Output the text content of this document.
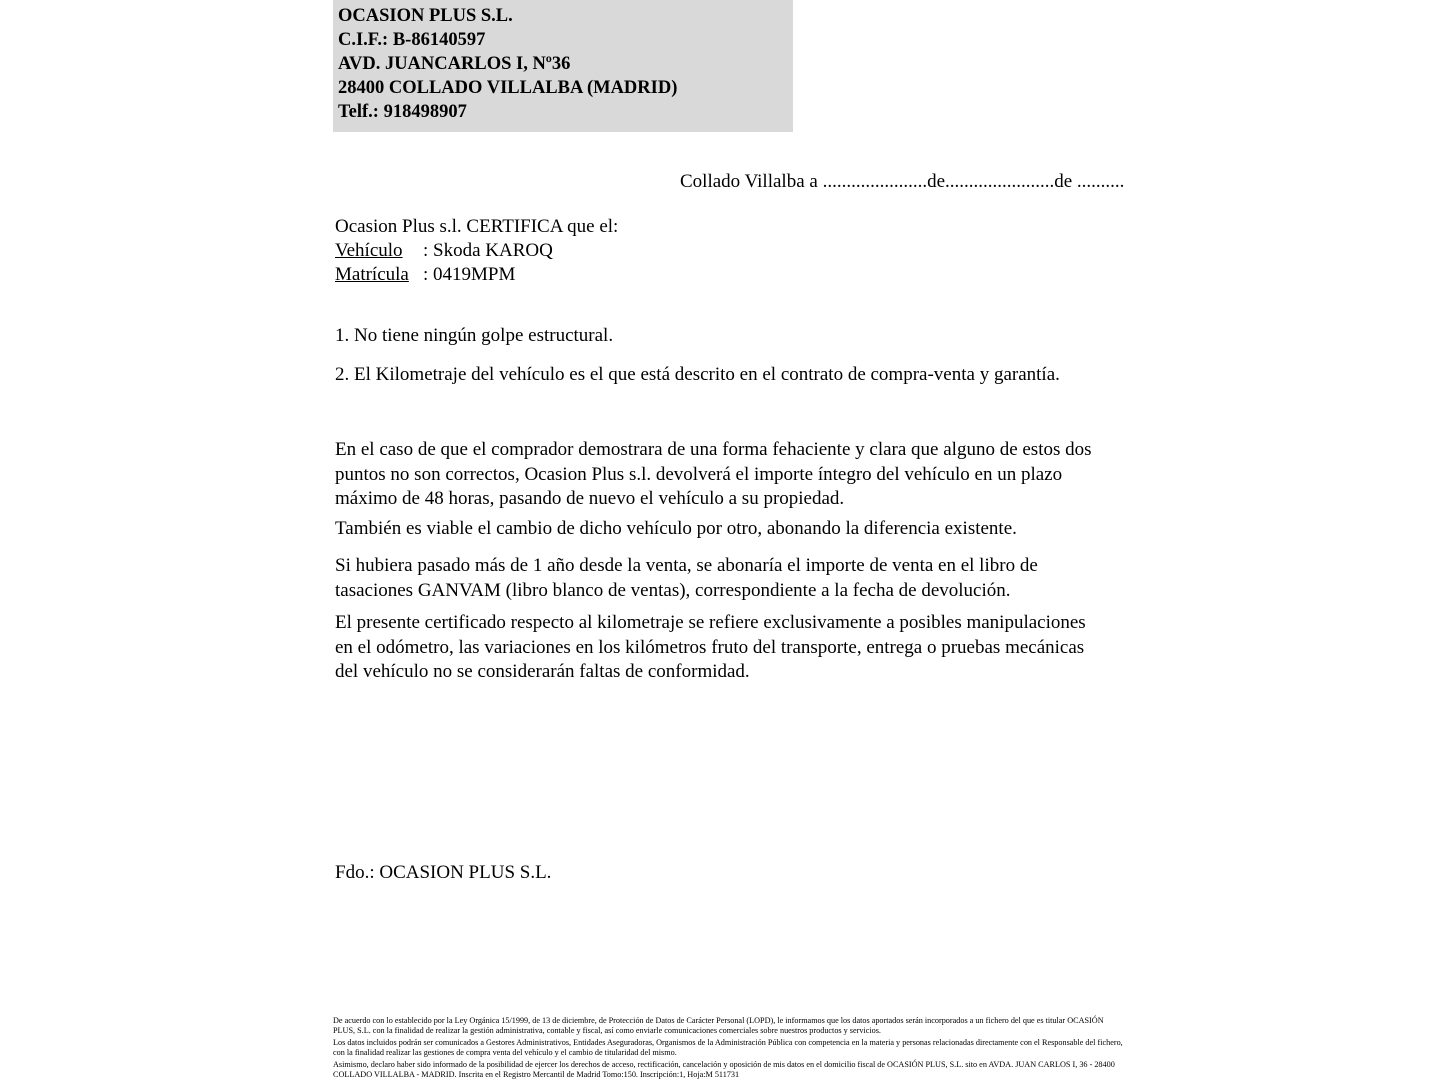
OCASION PLUS S.L.
C.I.F.: B-86140597
AVD. JUANCARLOS I, Nº36
28400 COLLADO VILLALBA (MADRID)
Telf.: 918498907
Collado Villalba a ......................de.......................de ..........
Ocasion Plus s.l. CERTIFICA que el:
Vehículo	: Skoda KAROQ
Matrícula : 0419MPM
1. No tiene ningún golpe estructural.
2. El Kilometraje del vehículo es el que está descrito en el contrato de compra-venta y garantía.
En el caso de que el comprador demostrara de una forma fehaciente y clara que alguno de estos dos puntos no son correctos, Ocasion Plus s.l. devolverá el importe íntegro del vehículo en un plazo máximo de 48 horas, pasando de nuevo el vehículo a su propiedad.
También es viable el cambio de dicho vehículo por otro, abonando la diferencia existente.
Si hubiera pasado más de 1 año desde la venta, se abonaría el importe de venta en el libro de tasaciones GANVAM (libro blanco de ventas), correspondiente a la fecha de devolución.
El presente certificado respecto al kilometraje se refiere exclusivamente a posibles manipulaciones en el odómetro, las variaciones en los kilómetros fruto del transporte, entrega o pruebas mecánicas del vehículo no se considerarán faltas de conformidad.
Fdo.: OCASION PLUS S.L.

De acuerdo con lo establecido por la Ley Orgánica 15/1999, de 13 de diciembre, de Protección de Datos de Carácter Personal (LOPD), le informamos que los datos aportados serán incorporados a un fichero del que es titular OCASIÓN PLUS, S.L. con la finalidad de realizar la gestión administrativa, contable y fiscal, así como enviarle comunicaciones comerciales sobre nuestros productos y servicios.

Los datos incluidos podrán ser comunicados a Gestores Administrativos, Entidades Aseguradoras, Organismos de la Administración Pública con competencia en la materia y personas relacionadas directamente con el Responsable del fichero, con la finalidad realizar las gestiones de compra venta del vehículo y el cambio de titularidad del mismo.

Asimismo, declaro haber sido informado de la posibilidad de ejercer los derechos de acceso, rectificación, cancelación y oposición de mis datos en el domicilio fiscal de OCASIÓN PLUS, S.L. sito en AVDA. JUAN CARLOS I, 36 - 28400 COLLADO VILLALBA - MADRID. Inscrita en el Registro Mercantil de Madrid Tomo:150. Inscripción:1, Hoja:M 511731
